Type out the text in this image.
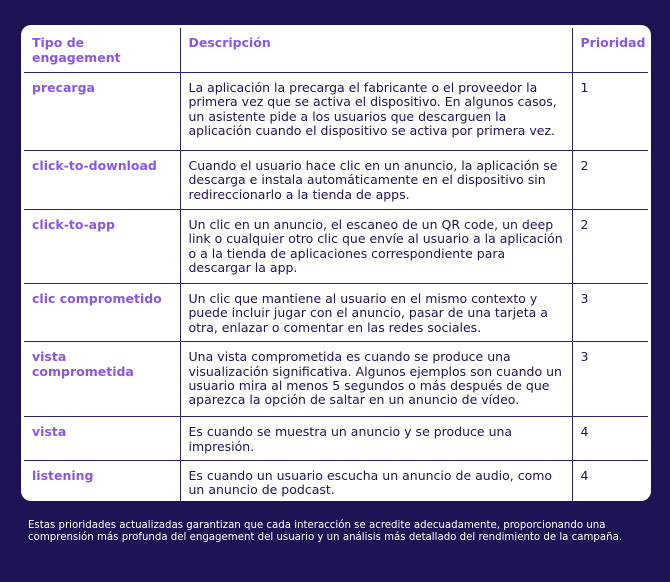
Tipo de engagement	Descripción	Prioridad
precarga	La aplicación la precarga el fabricante o el proveedor la primera vez que se activa el dispositivo. En algunos casos, un asistente pide a los usuarios que descarguen la aplicación cuando el dispositivo se activa por primera vez.	1
click-to-download	Cuando el usuario hace clic en un anuncio, la aplicación se descarga e instala automáticamente en el dispositivo sin redireccionarlo a la tienda de apps.	2
click-to-app	Un clic en un anuncio, el escaneo de un QR code, un deep link o cualquier otro clic que envíe al usuario a la aplicación o a la tienda de aplicaciones correspondiente para descargar la app.	2
clic comprometido	Un clic que mantiene al usuario en el mismo contexto y puede incluir jugar con el anuncio, pasar de una tarjeta a otra, enlazar o comentar en las redes sociales.	3
vista comprometida	Una vista comprometida es cuando se produce una visualización significativa. Algunos ejemplos son cuando un usuario mira al menos 5 segundos o más después de que aparezca la opción de saltar en un anuncio de vídeo.	3
vista	Es cuando se muestra un anuncio y se produce una impresión.	4
listening	Es cuando un usuario escucha un anuncio de audio, como un anuncio de podcast.	4

Estas prioridades actualizadas garantizan que cada interacción se acredite adecuadamente, proporcionando una comprensión más profunda del engagement del usuario y un análisis más detallado del rendimiento de la campaña.
